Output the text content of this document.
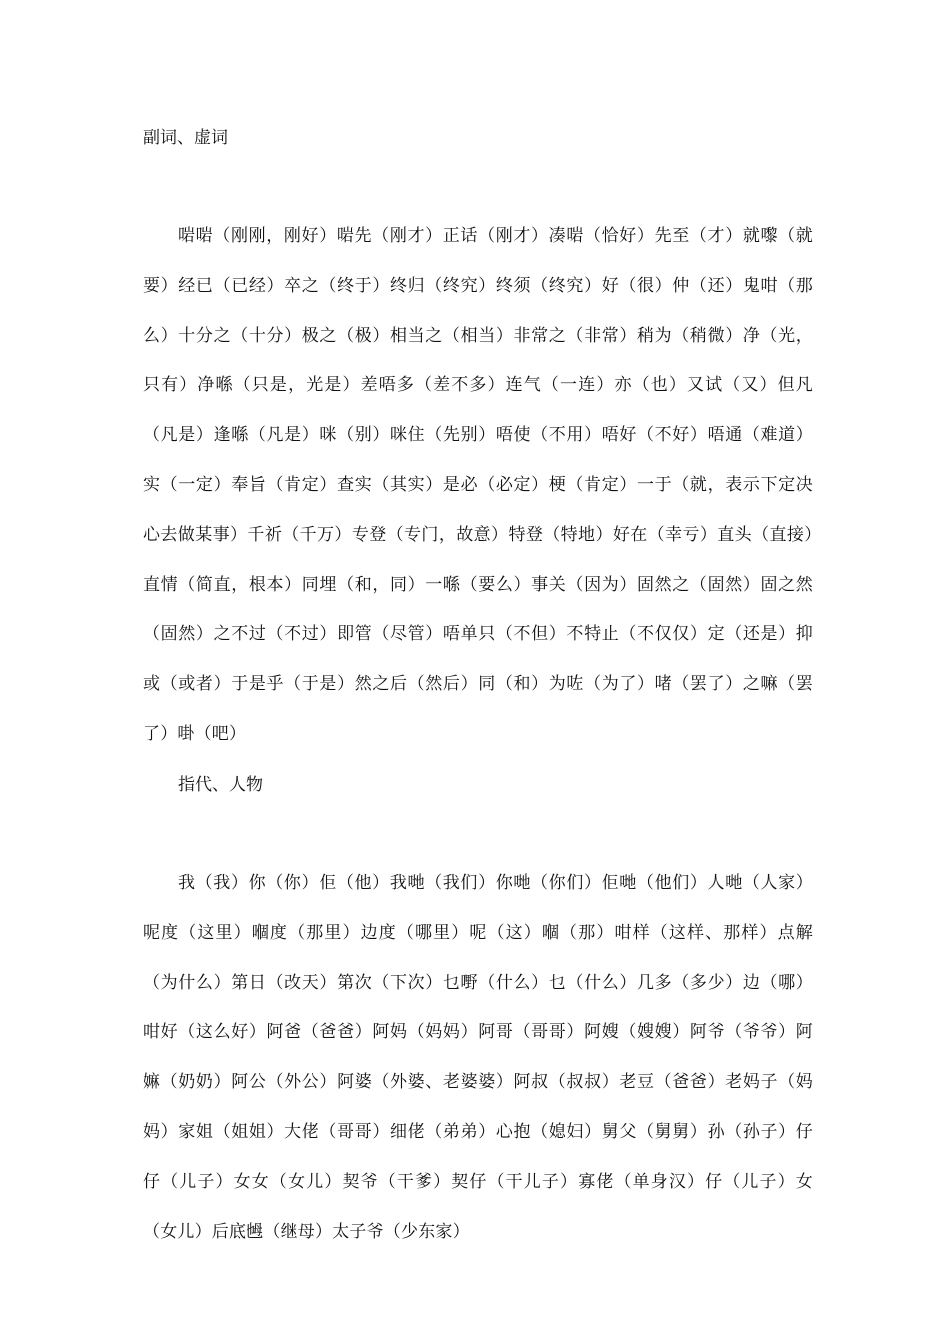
副词、虚词

啱啱（刚刚，刚好）啱先（刚才）正话（刚才）凑啱（恰好）先至（才）就嚟（就要）经已（已经）卒之（终于）终归（终究）终须（终究）好（很）仲（还）鬼咁（那么）十分之（十分）极之（极）相当之（相当）非常之（非常）稍为（稍微）净（光，只有）净喺（只是，光是）差唔多（差不多）连气（一连）亦（也）又试（又）但凡（凡是）逢喺（凡是）咪（别）咪住（先别）唔使（不用）唔好（不好）唔通（难道）实（一定）奉旨（肯定）查实（其实）是必（必定）梗（肯定）一于（就，表示下定决心去做某事）千祈（千万）专登（专门，故意）特登（特地）好在（幸亏）直头（直接）直情（简直，根本）同埋（和，同）一喺（要么）事关（因为）固然之（固然）固之然（固然）之不过（不过）即管（尽管）唔单只（不但）不特止（不仅仅）定（还是）抑或（或者）于是乎（于是）然之后（然后）同（和）为咗（为了）啫（罢了）之嘛（罢了）啩（吧）

指代、人物

我（我）你（你）佢（他）我哋（我们）你哋（你们）佢哋（他们）人哋（人家）呢度（这里）嗰度（那里）边度（哪里）呢（这）嗰（那）咁样（这样、那样）点解（为什么）第日（改天）第次（下次）乜嘢（什么）乜（什么）几多（多少）边（哪）咁好（这么好）阿爸（爸爸）阿妈（妈妈）阿哥（哥哥）阿嫂（嫂嫂）阿爷（爷爷）阿嫲（奶奶）阿公（外公）阿婆（外婆、老婆婆）阿叔（叔叔）老豆（爸爸）老妈子（妈妈）家姐（姐姐）大佬（哥哥）细佬（弟弟）心抱（媳妇）舅父（舅舅）孙（孙子）仔仔（儿子）女女（女儿）契爷（干爹）契仔（干儿子）寡佬（单身汉）仔（儿子）女（女儿）后底乸（继母）太子爷（少东家）
